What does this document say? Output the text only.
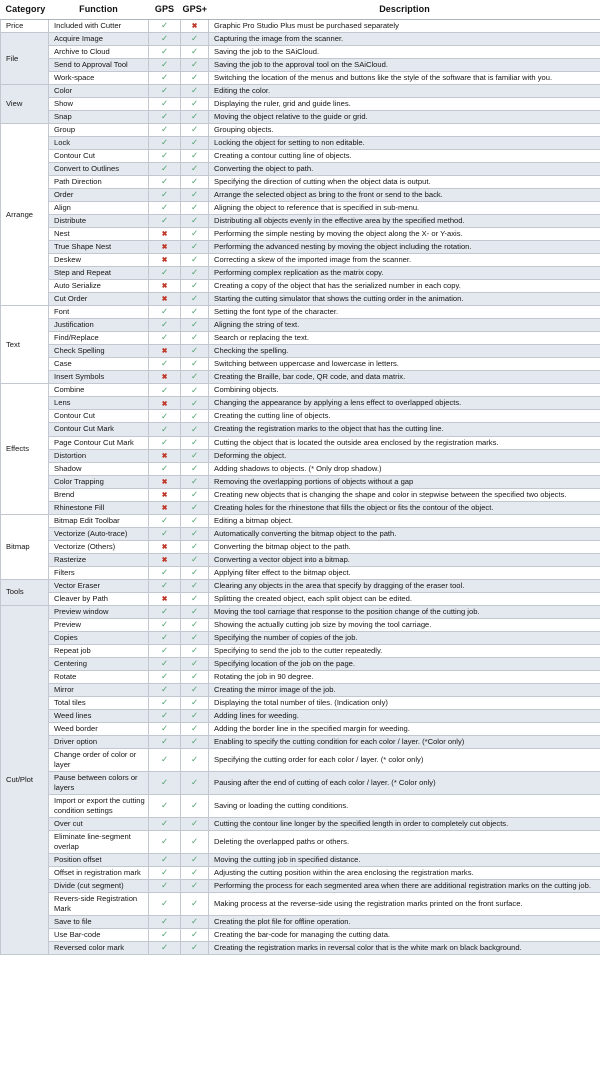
Category	Function	GPS	GPS+	Description
Price	Included with Cutter	✓	✖	Graphic Pro Studio Plus must be purchased separately
File	Acquire Image	✓	✓	Capturing the image from the scanner.
	Archive to Cloud	✓	✓	Saving the job to the SAiCloud.
	Send to Approval Tool	✓	✓	Saving the job to the approval tool on the SAiCloud.
	Work-space	✓	✓	Switching the location of the menus and buttons like the style of the software that is familiar with you.
View	Color	✓	✓	Editing the color.
	Show	✓	✓	Displaying the ruler, grid and guide lines.
	Snap	✓	✓	Moving the object relative to the guide or grid.
Arrange	Group	✓	✓	Grouping objects.
	Lock	✓	✓	Locking the object for setting to non editable.
	Contour Cut	✓	✓	Creating a contour cutting line of objects.
	Convert to Outlines	✓	✓	Converting the object to path.
	Path Direction	✓	✓	Specifying the direction of cutting when the object data is output.
	Order	✓	✓	Arrange the selected object as bring to the front or send to the back.
	Align	✓	✓	Aligning the object to reference that is specified in sub-menu.
	Distribute	✓	✓	Distributing all objects evenly in the effective area by the specified method.
	Nest	✖	✓	Performing the simple nesting by moving the object along the X- or Y-axis.
	True Shape Nest	✖	✓	Performing the advanced nesting by moving the object including the rotation.
	Deskew	✖	✓	Correcting a skew of the imported image from the scanner.
	Step and Repeat	✓	✓	Performing complex replication as the matrix copy.
	Auto Serialize	✖	✓	Creating a copy of the object that has the serialized number in each copy.
	Cut Order	✖	✓	Starting the cutting simulator that shows the cutting order in the animation.
Text	Font	✓	✓	Setting the font type of the character.
	Justification	✓	✓	Aligning the string of text.
	Find/Replace	✓	✓	Search or replacing the text.
	Check Spelling	✖	✓	Checking the spelling.
	Case	✓	✓	Switching between uppercase and lowercase in letters.
	Insert Symbols	✖	✓	Creating the Braille, bar code, QR code, and data matrix.
Effects	Combine	✓	✓	Combining objects.
	Lens	✖	✓	Changing the appearance by applying a lens effect to overlapped objects.
	Contour Cut	✓	✓	Creating the cutting line of objects.
	Contour Cut Mark	✓	✓	Creating the registration marks to the object that has the cutting line.
	Page Contour Cut Mark	✓	✓	Cutting the object that is located the outside area enclosed by the registration marks.
	Distortion	✖	✓	Deforming the object.
	Shadow	✓	✓	Adding shadows to objects. (* Only drop shadow.)
	Color Trapping	✖	✓	Removing the overlapping portions of objects without a gap
	Brend	✖	✓	Creating new objects that is changing the shape and color in stepwise between the specified two objects.
	Rhinestone Fill	✖	✓	Creating holes for the rhinestone that fills the object or fits the contour of the object.
Bitmap	Bitmap Edit Toolbar	✓	✓	Editing a bitmap object.
	Vectorize (Auto-trace)	✓	✓	Automatically converting the bitmap object to the path.
	Vectorize (Others)	✖	✓	Converting the bitmap object to the path.
	Rasterize	✖	✓	Converting a vector object into a bitmap.
	Filters	✓	✓	Applying filter effect to the bitmap object.
Tools	Vector Eraser	✓	✓	Clearing any objects in the area that specify by dragging of the eraser tool.
	Cleaver by Path	✖	✓	Splitting the created object, each split object can be edited.
Cut/Plot	Preview window	✓	✓	Moving the tool carriage that response to the position change of the cutting job.
	Preview	✓	✓	Showing the actually cutting job size by moving the tool carriage.
	Copies	✓	✓	Specifying the number of copies of the job.
	Repeat job	✓	✓	Specifying to send the job to the cutter repeatedly.
	Centering	✓	✓	Specifying location of the job on the page.
	Rotate	✓	✓	Rotating the job in 90 degree.
	Mirror	✓	✓	Creating the mirror image of the job.
	Total tiles	✓	✓	Displaying the total number of tiles. (Indication only)
	Weed lines	✓	✓	Adding lines for weeding.
	Weed border	✓	✓	Adding the border line in the specified margin for weeding.
	Driver option	✓	✓	Enabling to specify the cutting condition for each color / layer. (*Color only)
	Change order of color or layer	✓	✓	Specifying the cutting order for each color / layer. (* color only)
	Pause between colors or layers	✓	✓	Pausing after the end of cutting of each color / layer. (* Color only)
	Import or export the cutting condition settings	✓	✓	Saving or loading the cutting conditions.
	Over cut	✓	✓	Cutting the contour line longer by the specified length in order to completely cut objects.
	Eliminate line-segment overlap	✓	✓	Deleting the overlapped paths or others.
	Position offset	✓	✓	Moving the cutting job in specified distance.
	Offset in registration mark	✓	✓	Adjusting the cutting position within the area enclosing the registration marks.
	Divide (cut segment)	✓	✓	Performing the process for each segmented area when there are additional registration marks on the cutting job.
	Revers-side Registration Mark	✓	✓	Making process at the reverse-side using the registration marks printed on the front surface.
	Save to file	✓	✓	Creating the plot file for offline operation.
	Use Bar-code	✓	✓	Creating the bar-code for managing the cutting data.
	Reversed color mark	✓	✓	Creating the registration marks in reversal color that is the white mark on black background.
